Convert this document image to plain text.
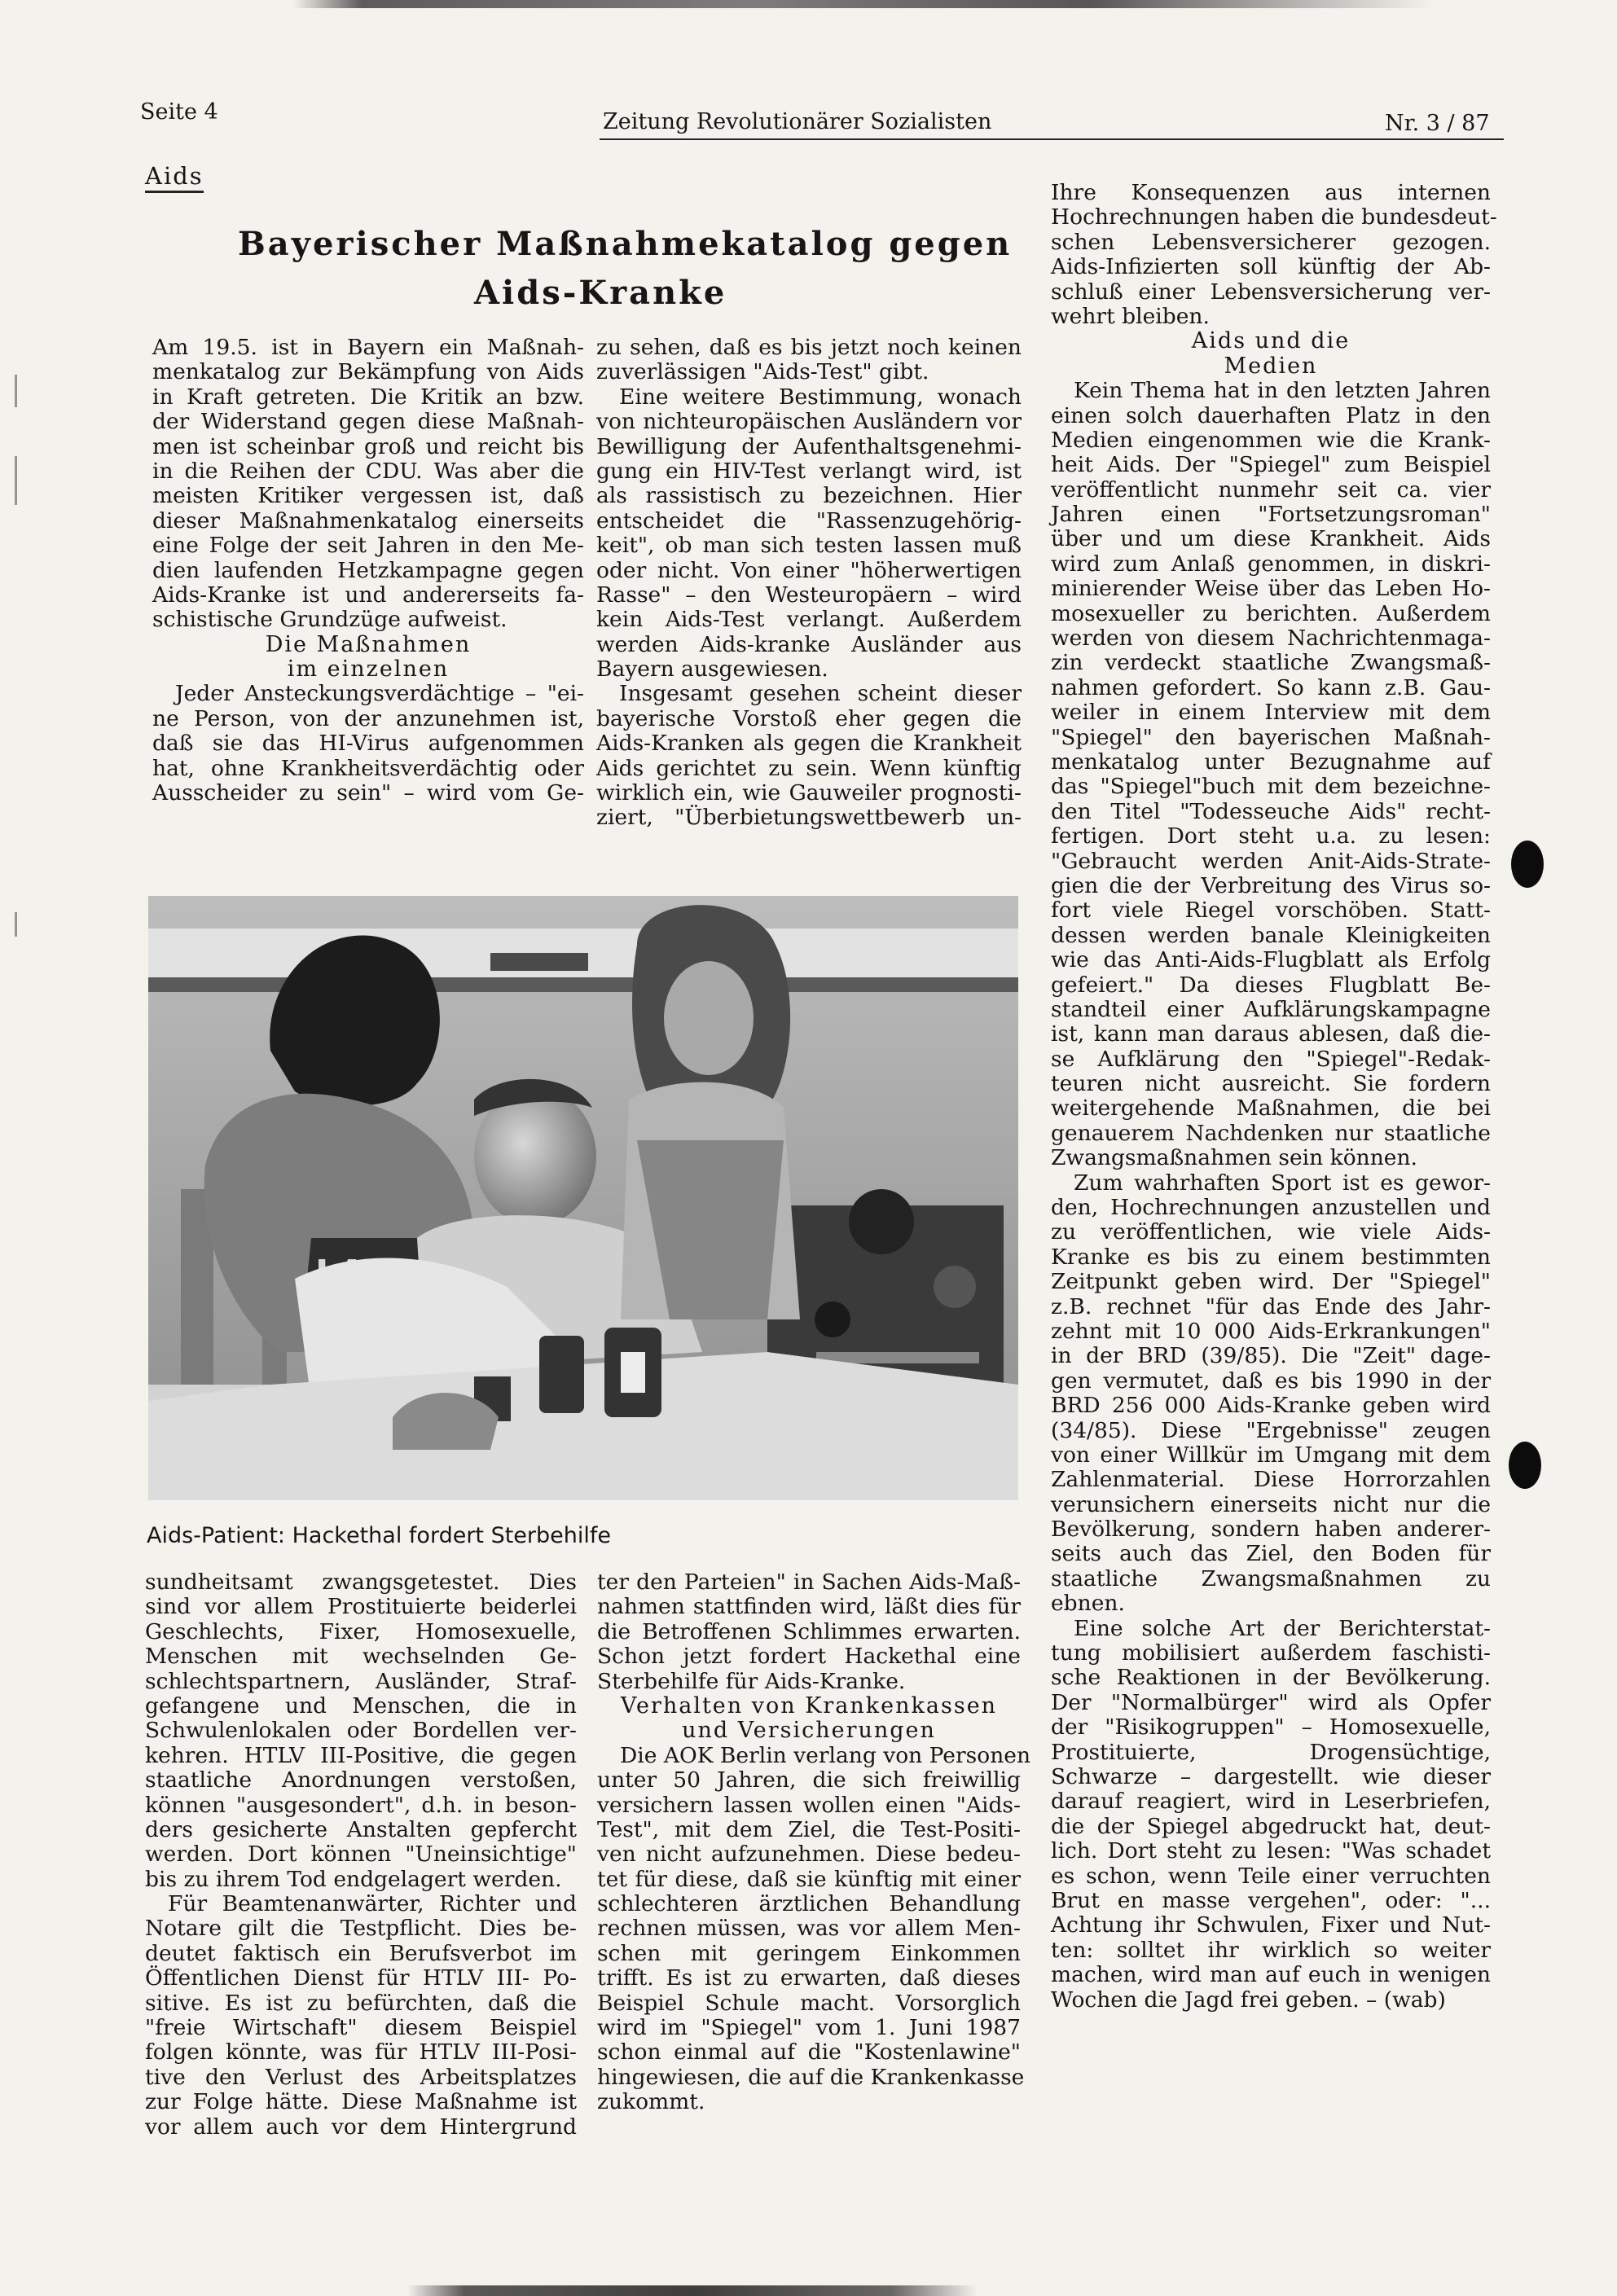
Seite 4	Zeitung Revolutionärer Sozialisten	Nr. 3 / 87
Aids
Bayerischer Maßnahmekatalog gegen
Aids-Kranke
Am 19.5. ist in Bayern ein Maßnah-
menkatalog zur Bekämpfung von Aids
in Kraft getreten. Die Kritik an bzw.
der Widerstand gegen diese Maßnah-
men ist scheinbar groß und reicht bis
in die Reihen der CDU. Was aber die
meisten Kritiker vergessen ist, daß
dieser Maßnahmenkatalog einerseits
eine Folge der seit Jahren in den Me-
dien laufenden Hetzkampagne gegen
Aids-Kranke ist und andererseits fa-
schistische Grundzüge aufweist.
Die Maßnahmen
im einzelnen
Jeder Ansteckungsverdächtige – "ei-
ne Person, von der anzunehmen ist,
daß sie das HI-Virus aufgenommen
hat, ohne Krankheitsverdächtig oder
Ausscheider zu sein" – wird vom Ge-
zu sehen, daß es bis jetzt noch keinen
zuverlässigen "Aids-Test" gibt.
Eine weitere Bestimmung, wonach
von nichteuropäischen Ausländern vor
Bewilligung der Aufenthaltsgenehmi-
gung ein HIV-Test verlangt wird, ist
als rassistisch zu bezeichnen. Hier
entscheidet die "Rassenzugehörig-
keit", ob man sich testen lassen muß
oder nicht. Von einer "höherwertigen
Rasse" – den Westeuropäern – wird
kein Aids-Test verlangt. Außerdem
werden Aids-kranke Ausländer aus
Bayern ausgewiesen.
Insgesamt gesehen scheint dieser
bayerische Vorstoß eher gegen die
Aids-Kranken als gegen die Krankheit
Aids gerichtet zu sein. Wenn künftig
wirklich ein, wie Gauweiler prognosti-
ziert, "Überbietungswettbewerb un-
Ihre Konsequenzen aus internen
Hochrechnungen haben die bundesdeut-
schen Lebensversicherer gezogen.
Aids-Infizierten soll künftig der Ab-
schluß einer Lebensversicherung ver-
wehrt bleiben.
Aids und die
Medien
Kein Thema hat in den letzten Jahren
einen solch dauerhaften Platz in den
Medien eingenommen wie die Krank-
heit Aids. Der "Spiegel" zum Beispiel
veröffentlicht nunmehr seit ca. vier
Jahren einen "Fortsetzungsroman"
über und um diese Krankheit. Aids
wird zum Anlaß genommen, in diskri-
minierender Weise über das Leben Ho-
mosexueller zu berichten. Außerdem
werden von diesem Nachrichtenmaga-
zin verdeckt staatliche Zwangsmaß-
nahmen gefordert. So kann z.B. Gau-
weiler in einem Interview mit dem
"Spiegel" den bayerischen Maßnah-
menkatalog unter Bezugnahme auf
das "Spiegel"buch mit dem bezeichne-
den Titel "Todesseuche Aids" recht-
fertigen. Dort steht u.a. zu lesen:
"Gebraucht werden Anit-Aids-Strate-
gien die der Verbreitung des Virus so-
fort viele Riegel vorschöben. Statt-
dessen werden banale Kleinigkeiten
wie das Anti-Aids-Flugblatt als Erfolg
gefeiert." Da dieses Flugblatt Be-
standteil einer Aufklärungskampagne
ist, kann man daraus ablesen, daß die-
se Aufklärung den "Spiegel"-Redak-
teuren nicht ausreicht. Sie fordern
weitergehende Maßnahmen, die bei
genauerem Nachdenken nur staatliche
Zwangsmaßnahmen sein können.
Zum wahrhaften Sport ist es gewor-
den, Hochrechnungen anzustellen und
zu veröffentlichen, wie viele Aids-
Kranke es bis zu einem bestimmten
Zeitpunkt geben wird. Der "Spiegel"
z.B. rechnet "für das Ende des Jahr-
zehnt mit 10 000 Aids-Erkrankungen"
in der BRD (39/85). Die "Zeit" dage-
gen vermutet, daß es bis 1990 in der
BRD 256 000 Aids-Kranke geben wird
(34/85). Diese "Ergebnisse" zeugen
von einer Willkür im Umgang mit dem
Zahlenmaterial. Diese Horrorzahlen
verunsichern einerseits nicht nur die
Bevölkerung, sondern haben anderer-
seits auch das Ziel, den Boden für
staatliche Zwangsmaßnahmen zu
ebnen.
Eine solche Art der Berichterstat-
tung mobilisiert außerdem faschisti-
sche Reaktionen in der Bevölkerung.
Der "Normalbürger" wird als Opfer
der "Risikogruppen" – Homosexuelle,
Prostituierte, Drogensüchtige,
Schwarze – dargestellt. wie dieser
darauf reagiert, wird in Leserbriefen,
die der Spiegel abgedruckt hat, deut-
lich. Dort steht zu lesen: "Was schadet
es schon, wenn Teile einer verruchten
Brut en masse vergehen", oder: "...
Achtung ihr Schwulen, Fixer und Nut-
ten: solltet ihr wirklich so weiter
machen, wird man auf euch in wenigen
Wochen die Jagd frei geben. – (wab)
Aids-Patient: Hackethal fordert Sterbehilfe
sundheitsamt zwangsgetestet. Dies
sind vor allem Prostituierte beiderlei
Geschlechts, Fixer, Homosexuelle,
Menschen mit wechselnden Ge-
schlechtspartnern, Ausländer, Straf-
gefangene und Menschen, die in
Schwulenlokalen oder Bordellen ver-
kehren. HTLV III-Positive, die gegen
staatliche Anordnungen verstoßen,
können "ausgesondert", d.h. in beson-
ders gesicherte Anstalten gepfercht
werden. Dort können "Uneinsichtige"
bis zu ihrem Tod endgelagert werden.
Für Beamtenanwärter, Richter und
Notare gilt die Testpflicht. Dies be-
deutet faktisch ein Berufsverbot im
Öffentlichen Dienst für HTLV III- Po-
sitive. Es ist zu befürchten, daß die
"freie Wirtschaft" diesem Beispiel
folgen könnte, was für HTLV III-Posi-
tive den Verlust des Arbeitsplatzes
zur Folge hätte. Diese Maßnahme ist
vor allem auch vor dem Hintergrund
ter den Parteien" in Sachen Aids-Maß-
nahmen stattfinden wird, läßt dies für
die Betroffenen Schlimmes erwarten.
Schon jetzt fordert Hackethal eine
Sterbehilfe für Aids-Kranke.
Verhalten von Krankenkassen
und Versicherungen
Die AOK Berlin verlang von Personen
unter 50 Jahren, die sich freiwillig
versichern lassen wollen einen "Aids-
Test", mit dem Ziel, die Test-Positi-
ven nicht aufzunehmen. Diese bedeu-
tet für diese, daß sie künftig mit einer
schlechteren ärztlichen Behandlung
rechnen müssen, was vor allem Men-
schen mit geringem Einkommen
trifft. Es ist zu erwarten, daß dieses
Beispiel Schule macht. Vorsorglich
wird im "Spiegel" vom 1. Juni 1987
schon einmal auf die "Kostenlawine"
hingewiesen, die auf die Krankenkasse
zukommt.
